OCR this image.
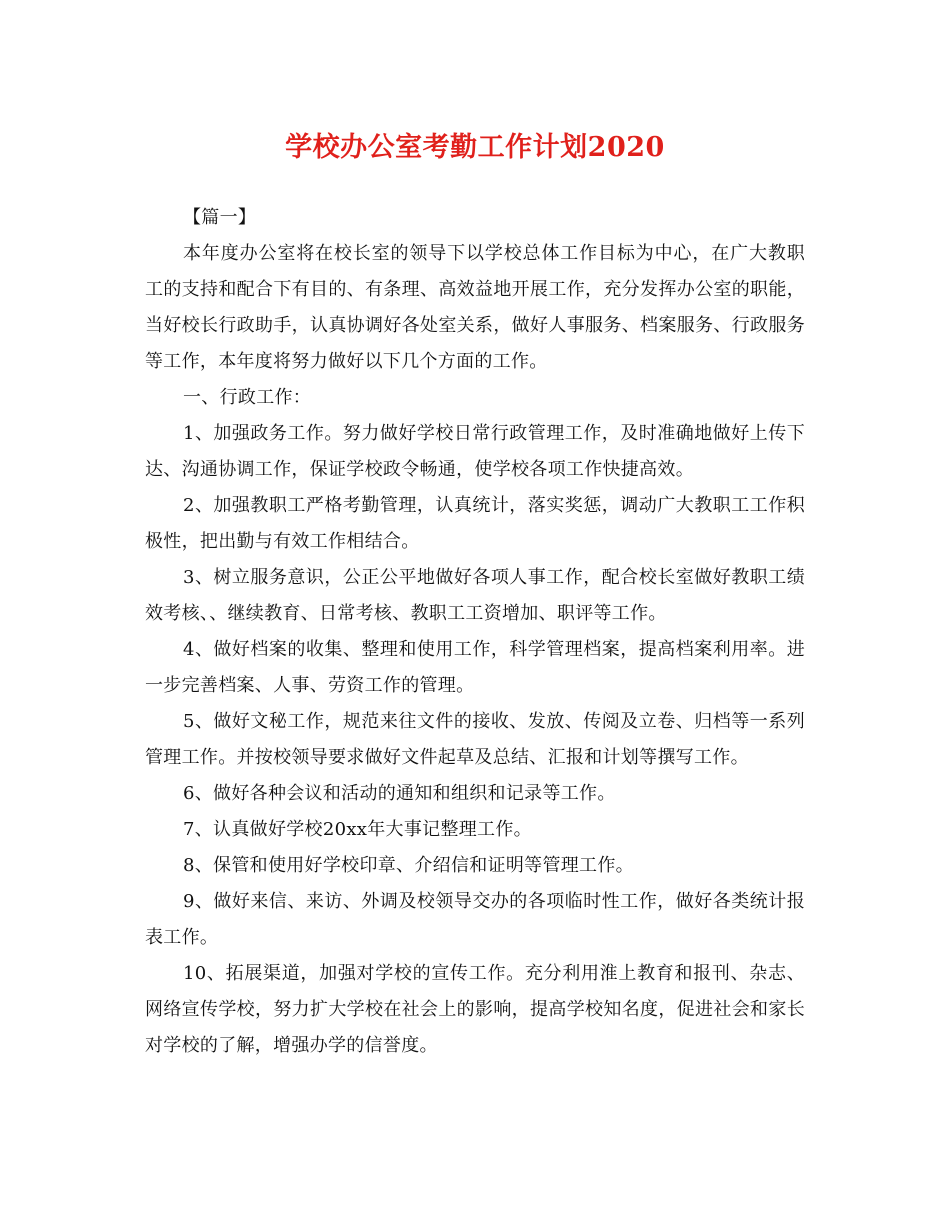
学校办公室考勤工作计划2020

【篇一】

本年度办公室将在校长室的领导下以学校总体工作目标为中心，在广大教职工的支持和配合下有目的、有条理、高效益地开展工作，充分发挥办公室的职能，当好校长行政助手，认真协调好各处室关系，做好人事服务、档案服务、行政服务等工作，本年度将努力做好以下几个方面的工作。

一、行政工作：

1、加强政务工作。努力做好学校日常行政管理工作，及时准确地做好上传下达、沟通协调工作，保证学校政令畅通，使学校各项工作快捷高效。

2、加强教职工严格考勤管理，认真统计，落实奖惩，调动广大教职工工作积极性，把出勤与有效工作相结合。

3、树立服务意识，公正公平地做好各项人事工作，配合校长室做好教职工绩效考核、、继续教育、日常考核、教职工工资增加、职评等工作。

4、做好档案的收集、整理和使用工作，科学管理档案，提高档案利用率。进一步完善档案、人事、劳资工作的管理。

5、做好文秘工作，规范来往文件的接收、发放、传阅及立卷、归档等一系列管理工作。并按校领导要求做好文件起草及总结、汇报和计划等撰写工作。

6、做好各种会议和活动的通知和组织和记录等工作。

7、认真做好学校20xx年大事记整理工作。

8、保管和使用好学校印章、介绍信和证明等管理工作。

9、做好来信、来访、外调及校领导交办的各项临时性工作，做好各类统计报表工作。

10、拓展渠道，加强对学校的宣传工作。充分利用淮上教育和报刊、杂志、网络宣传学校，努力扩大学校在社会上的影响，提高学校知名度，促进社会和家长对学校的了解，增强办学的信誉度。
